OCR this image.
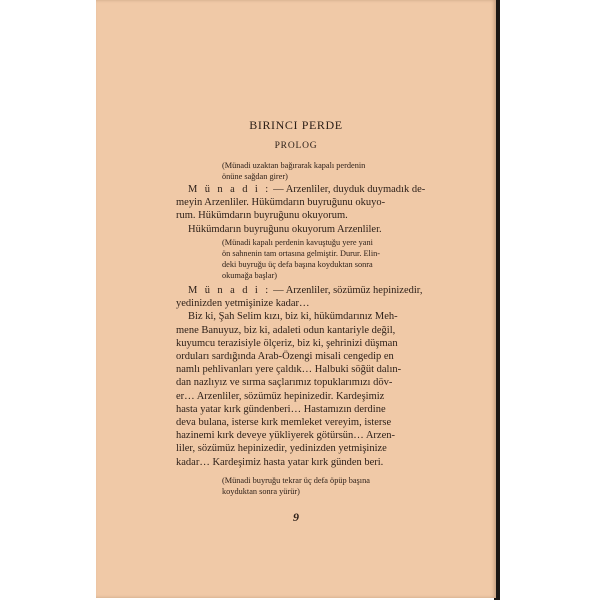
BIRINCI PERDE
PROLOG

(Münadi uzaktan bağırarak kapalı perdenin

önüne sağdan girer)

M ü n a d i : — Arzenliler, duyduk duymadık de-

meyin Arzenliler. Hükümdarın buyruğunu okuyo-

rum. Hükümdarın buyruğunu okuyorum.

Hükümdarın buyruğunu okuyorum Arzenliler.

(Münadi kapalı perdenin kavuştuğu yere yani

ön sahnenin tam ortasına gelmiştir. Durur. Elin-

deki buyruğu üç defa başına koyduktan sonra

okumağa başlar)

M ü n a d i : — Arzenliler, sözümüz hepinizedir,

yedinizden yetmişinize kadar…

Biz ki, Şah Selim kızı, biz ki, hükümdarınız Meh-

mene Banuyuz, biz ki, adaleti odun kantariyle değil,

kuyumcu terazisiyle ölçeriz, biz ki, şehrinizi düşman

orduları sardığında Arab-Özengi misali cengedip en

namlı pehlivanları yere çaldık… Halbuki söğüt dalın-

dan nazlıyız ve sırma saçlarımız topuklarımızı döv-

er… Arzenliler, sözümüz hepinizedir. Kardeşimiz

hasta yatar kırk gündenberi… Hastamızın derdine

deva bulana, isterse kırk memleket vereyim, isterse

hazinemi kırk deveye yükliyerek götürsün… Arzen-

liler, sözümüz hepinizedir, yedinizden yetmişinize

kadar… Kardeşimiz hasta yatar kırk günden beri.

(Münadi buyruğu tekrar üç defa öpüp başına

koyduktan sonra yürür)

9
